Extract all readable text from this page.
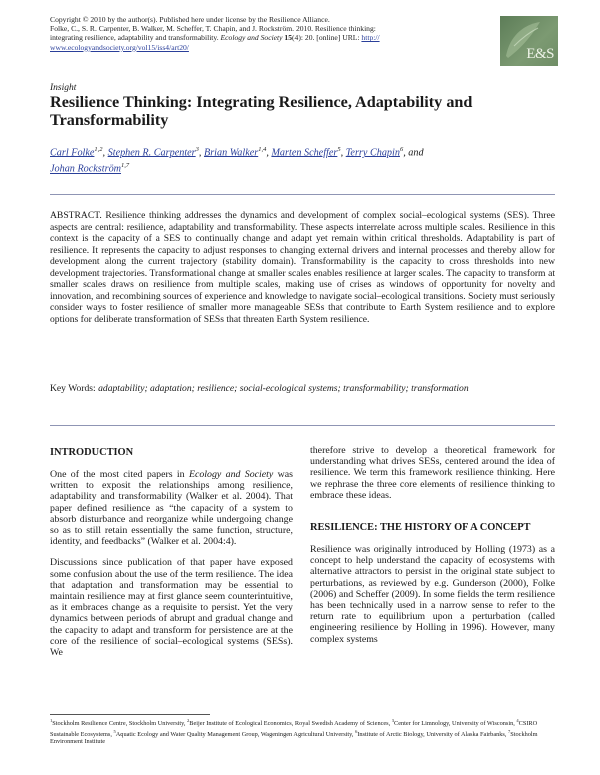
Copyright © 2010 by the author(s). Published here under license by the Resilience Alliance.
Folke, C., S. R. Carpenter, B. Walker, M. Scheffer, T. Chapin, and J. Rockström. 2010. Resilience thinking:
integrating resilience, adaptability and transformability. Ecology and Society 15(4): 20. [online] URL: http://
www.ecologyandsociety.org/vol15/iss4/art20/	E&S
Insight
Resilience Thinking: Integrating Resilience, Adaptability and Transformability
Carl Folke$^{1,2}$, Stephen R. Carpenter$^3$, Brian Walker$^{1,4}$, Marten Scheffer$^5$, Terry Chapin$^6$, and
Johan Rockström$^{1,7}$
ABSTRACT. Resilience thinking addresses the dynamics and development of complex social–ecological systems (SES). Three aspects are central: resilience, adaptability and transformability. These aspects interrelate across multiple scales. Resilience in this context is the capacity of a SES to continually change and adapt yet remain within critical thresholds. Adaptability is part of resilience. It represents the capacity to adjust responses to changing external drivers and internal processes and thereby allow for development along the current trajectory (stability domain). Transformability is the capacity to cross thresholds into new development trajectories. Transformational change at smaller scales enables resilience at larger scales. The capacity to transform at smaller scales draws on resilience from multiple scales, making use of crises as windows of opportunity for novelty and innovation, and recombining sources of experience and knowledge to navigate social–ecological transitions. Society must seriously consider ways to foster resilience of smaller more manageable SESs that contribute to Earth System resilience and to explore options for deliberate transformation of SESs that threaten Earth System resilience.
Key Words: adaptability; adaptation; resilience; social-ecological systems; transformability; transformation
INTRODUCTION

One of the most cited papers in Ecology and Society was written to exposit the relationships among resilience, adaptability and transformability (Walker et al. 2004). That paper defined resilience as “the capacity of a system to absorb disturbance and reorganize while undergoing change so as to still retain essentially the same function, structure, identity, and feedbacks” (Walker et al. 2004:4).

Discussions since publication of that paper have exposed some confusion about the use of the term resilience. The idea that adaptation and transformation may be essential to maintain resilience may at first glance seem counterintuitive, as it embraces change as a requisite to persist. Yet the very dynamics between periods of abrupt and gradual change and the capacity to adapt and transform for persistence are at the core of the resilience of social–ecological systems (SESs). We

therefore strive to develop a theoretical framework for understanding what drives SESs, centered around the idea of resilience. We term this framework resilience thinking. Here we rephrase the three core elements of resilience thinking to embrace these ideas.

RESILIENCE: THE HISTORY OF A CONCEPT

Resilience was originally introduced by Holling (1973) as a concept to help understand the capacity of ecosystems with alternative attractors to persist in the original state subject to perturbations, as reviewed by e.g. Gunderson (2000), Folke (2006) and Scheffer (2009). In some fields the term resilience has been technically used in a narrow sense to refer to the return rate to equilibrium upon a perturbation (called engineering resilience by Holling in 1996). However, many complex systems

$^1$Stockholm Resilience Centre, Stockholm University, $^2$Beijer Institute of Ecological Economics, Royal Swedish Academy of Sciences, $^3$Center for Limnology, University of Wisconsin, $^4$CSIRO Sustainable Ecosystems, $^5$Aquatic Ecology and Water Quality Management Group, Wageningen Agricultural University, $^6$Institute of Arctic Biology, University of Alaska Fairbanks, $^7$Stockholm Environment Institute
